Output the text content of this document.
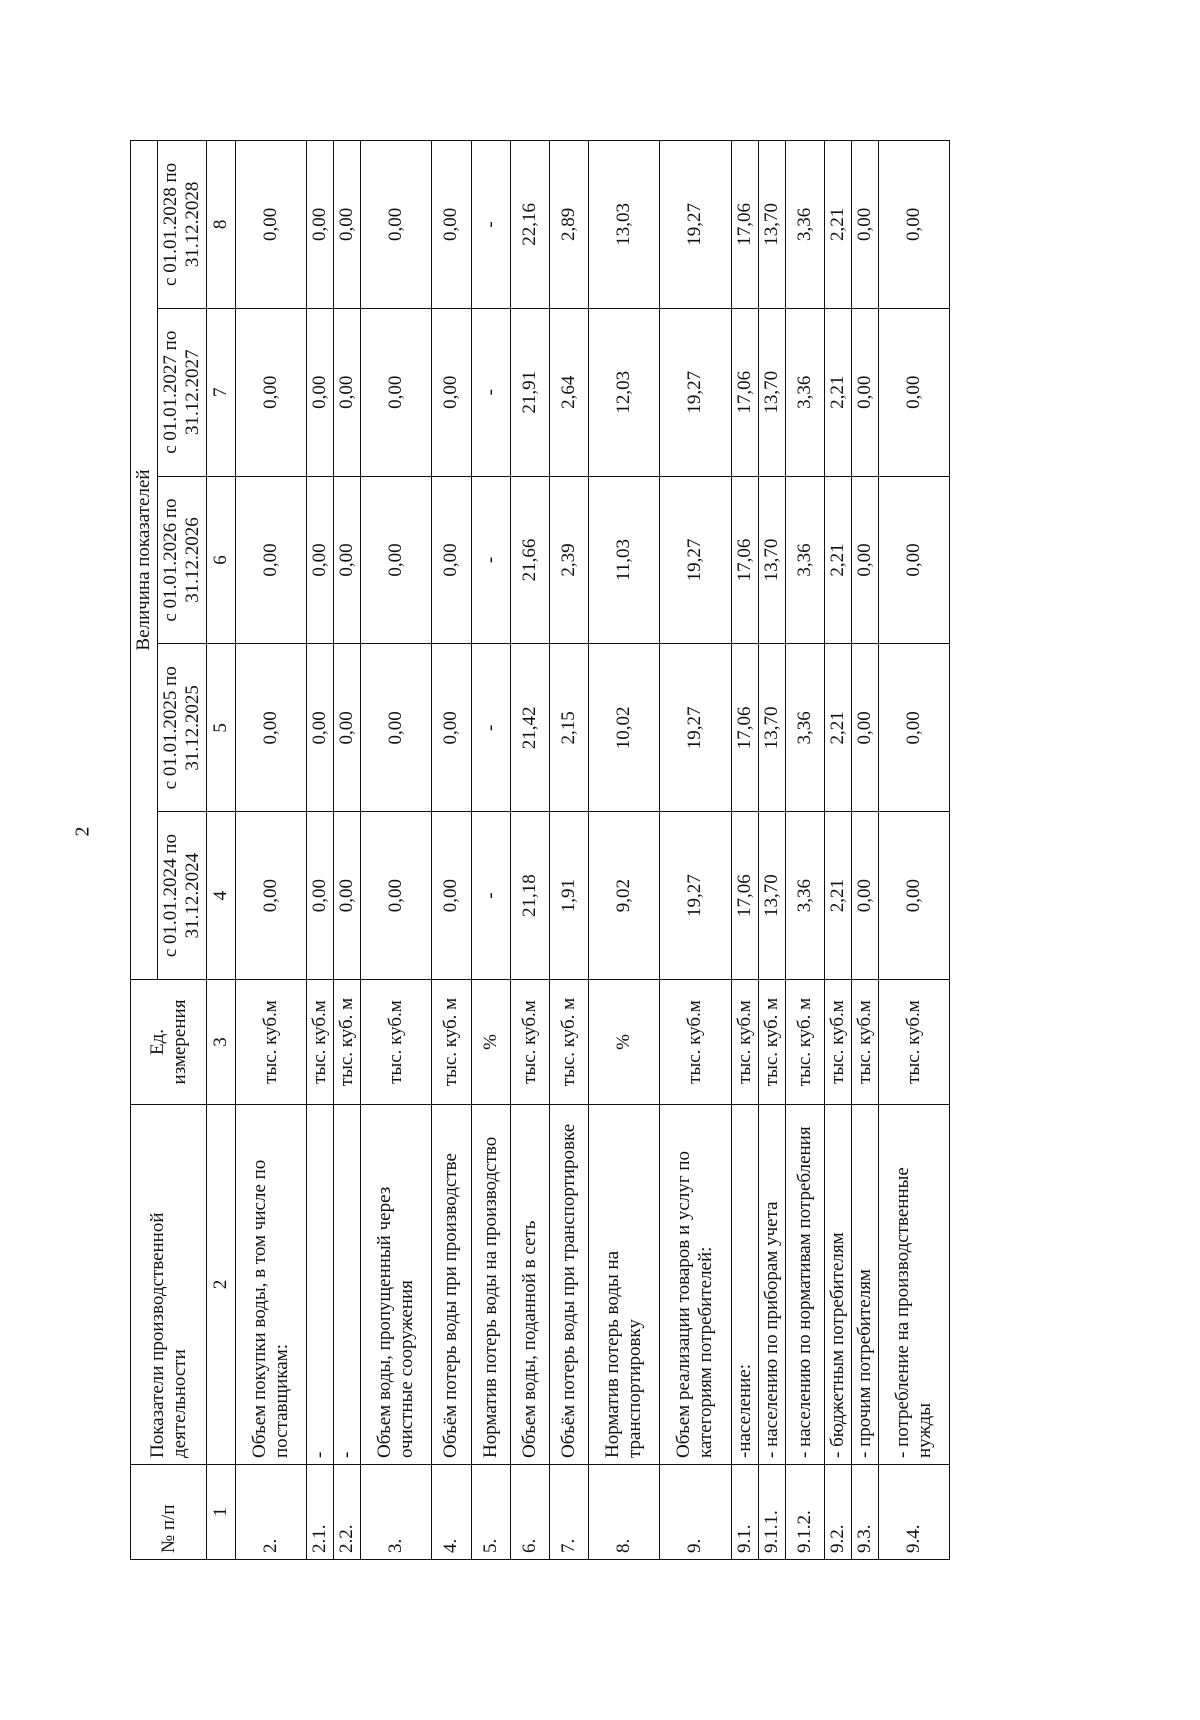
2
№ п/п	Показатели производственной деятельности	Ед. измерения	Величина показателей				
			с 01.01.2024 по 31.12.2024	с 01.01.2025 по 31.12.2025	с 01.01.2026 по 31.12.2026	с 01.01.2027 по 31.12.2027	с 01.01.2028 по 31.12.2028
1	2	3	4	5	6	7	8
2.	Объем покупки воды, в том числе по поставщикам:	тыс. куб.м	0,00	0,00	0,00	0,00	0,00
2.1.	-	тыс. куб.м	0,00	0,00	0,00	0,00	0,00
2.2.	-	тыс. куб. м	0,00	0,00	0,00	0,00	0,00
3.	Объем воды, пропущенный через очистные сооружения	тыс. куб.м	0,00	0,00	0,00	0,00	0,00
4.	Объём потерь воды при производстве	тыс. куб. м	0,00	0,00	0,00	0,00	0,00
5.	Норматив потерь воды на производство	%	-	-	-	-	-
6.	Объем воды, поданной в сеть	тыс. куб.м	21,18	21,42	21,66	21,91	22,16
7.	Объём потерь воды при транспортировке	тыс. куб. м	1,91	2,15	2,39	2,64	2,89
8.	Норматив потерь воды на транспортировку	%	9,02	10,02	11,03	12,03	13,03
9.	Объем реализации товаров и услуг по категориям потребителей:	тыс. куб.м	19,27	19,27	19,27	19,27	19,27
9.1.	-население:	тыс. куб.м	17,06	17,06	17,06	17,06	17,06
9.1.1.	- населению по приборам учета	тыс. куб. м	13,70	13,70	13,70	13,70	13,70
9.1.2.	- населению по нормативам потребления	тыс. куб. м	3,36	3,36	3,36	3,36	3,36
9.2.	- бюджетным потребителям	тыс. куб.м	2,21	2,21	2,21	2,21	2,21
9.3.	- прочим потребителям	тыс. куб.м	0,00	0,00	0,00	0,00	0,00
9.4.	- потребление на производственные нужды	тыс. куб.м	0,00	0,00	0,00	0,00	0,00
